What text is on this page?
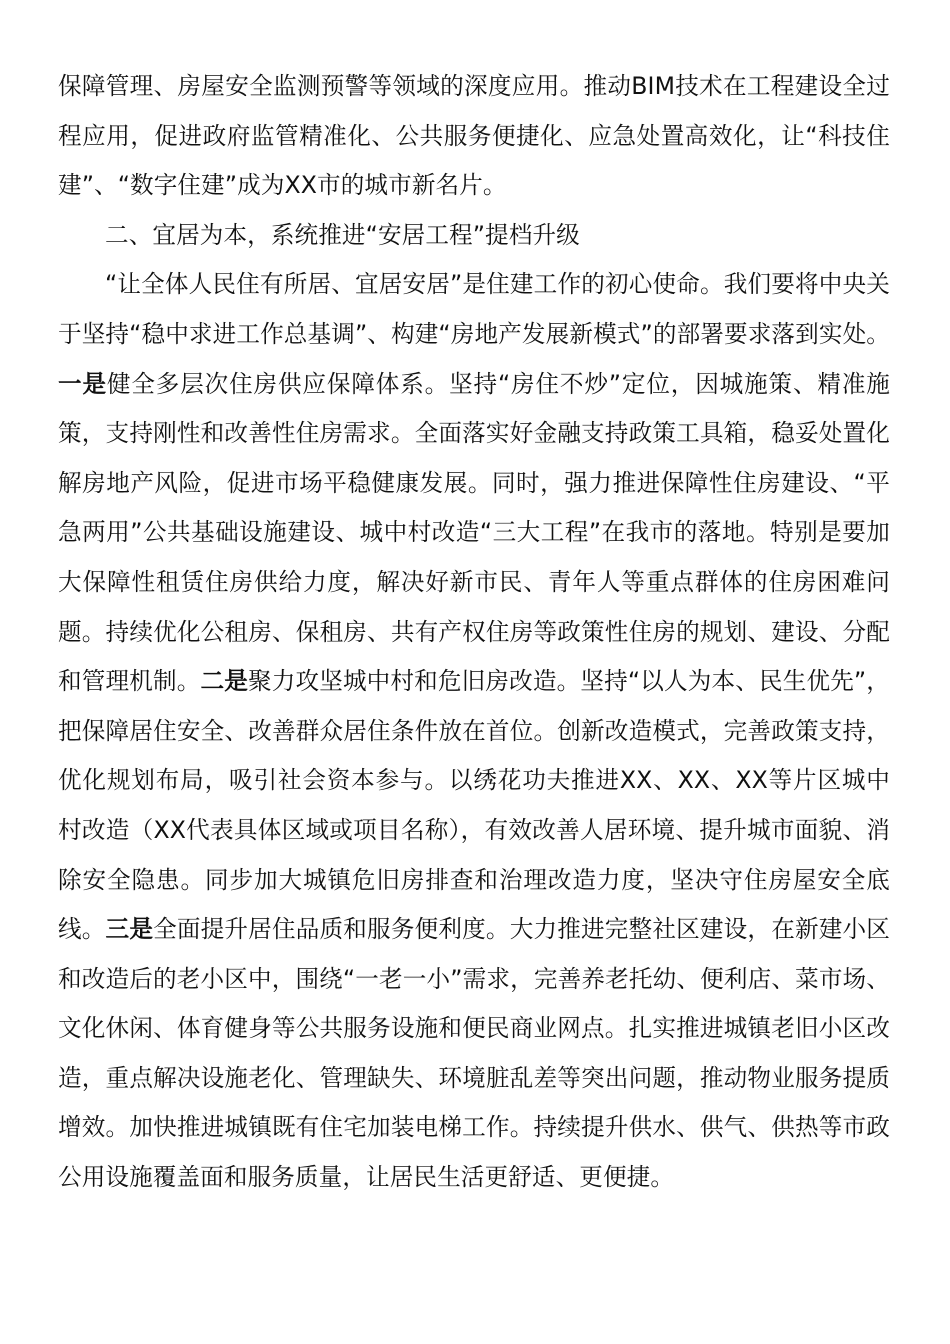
保障管理、房屋安全监测预警等领域的深度应用。推动BIM技术在工程建设全过程应用，促进政府监管精准化、公共服务便捷化、应急处置高效化，让“科技住建”、“数字住建”成为XX市的城市新名片。

二、宜居为本，系统推进“安居工程”提档升级

“让全体人民住有所居、宜居安居”是住建工作的初心使命。我们要将中央关于坚持“稳中求进工作总基调”、构建“房地产发展新模式”的部署要求落到实处。一是健全多层次住房供应保障体系。坚持“房住不炒”定位，因城施策、精准施策，支持刚性和改善性住房需求。全面落实好金融支持政策工具箱，稳妥处置化解房地产风险，促进市场平稳健康发展。同时，强力推进保障性住房建设、“平急两用”公共基础设施建设、城中村改造“三大工程”在我市的落地。特别是要加大保障性租赁住房供给力度，解决好新市民、青年人等重点群体的住房困难问题。持续优化公租房、保租房、共有产权住房等政策性住房的规划、建设、分配和管理机制。二是聚力攻坚城中村和危旧房改造。坚持“以人为本、民生优先”，把保障居住安全、改善群众居住条件放在首位。创新改造模式，完善政策支持，优化规划布局，吸引社会资本参与。以绣花功夫推进XX、XX、XX等片区城中村改造（XX代表具体区域或项目名称），有效改善人居环境、提升城市面貌、消除安全隐患。同步加大城镇危旧房排查和治理改造力度，坚决守住房屋安全底线。三是全面提升居住品质和服务便利度。大力推进完整社区建设，在新建小区和改造后的老小区中，围绕“一老一小”需求，完善养老托幼、便利店、菜市场、文化休闲、体育健身等公共服务设施和便民商业网点。扎实推进城镇老旧小区改造，重点解决设施老化、管理缺失、环境脏乱差等突出问题，推动物业服务提质增效。加快推进城镇既有住宅加装电梯工作。持续提升供水、供气、供热等市政公用设施覆盖面和服务质量，让居民生活更舒适、更便捷。
